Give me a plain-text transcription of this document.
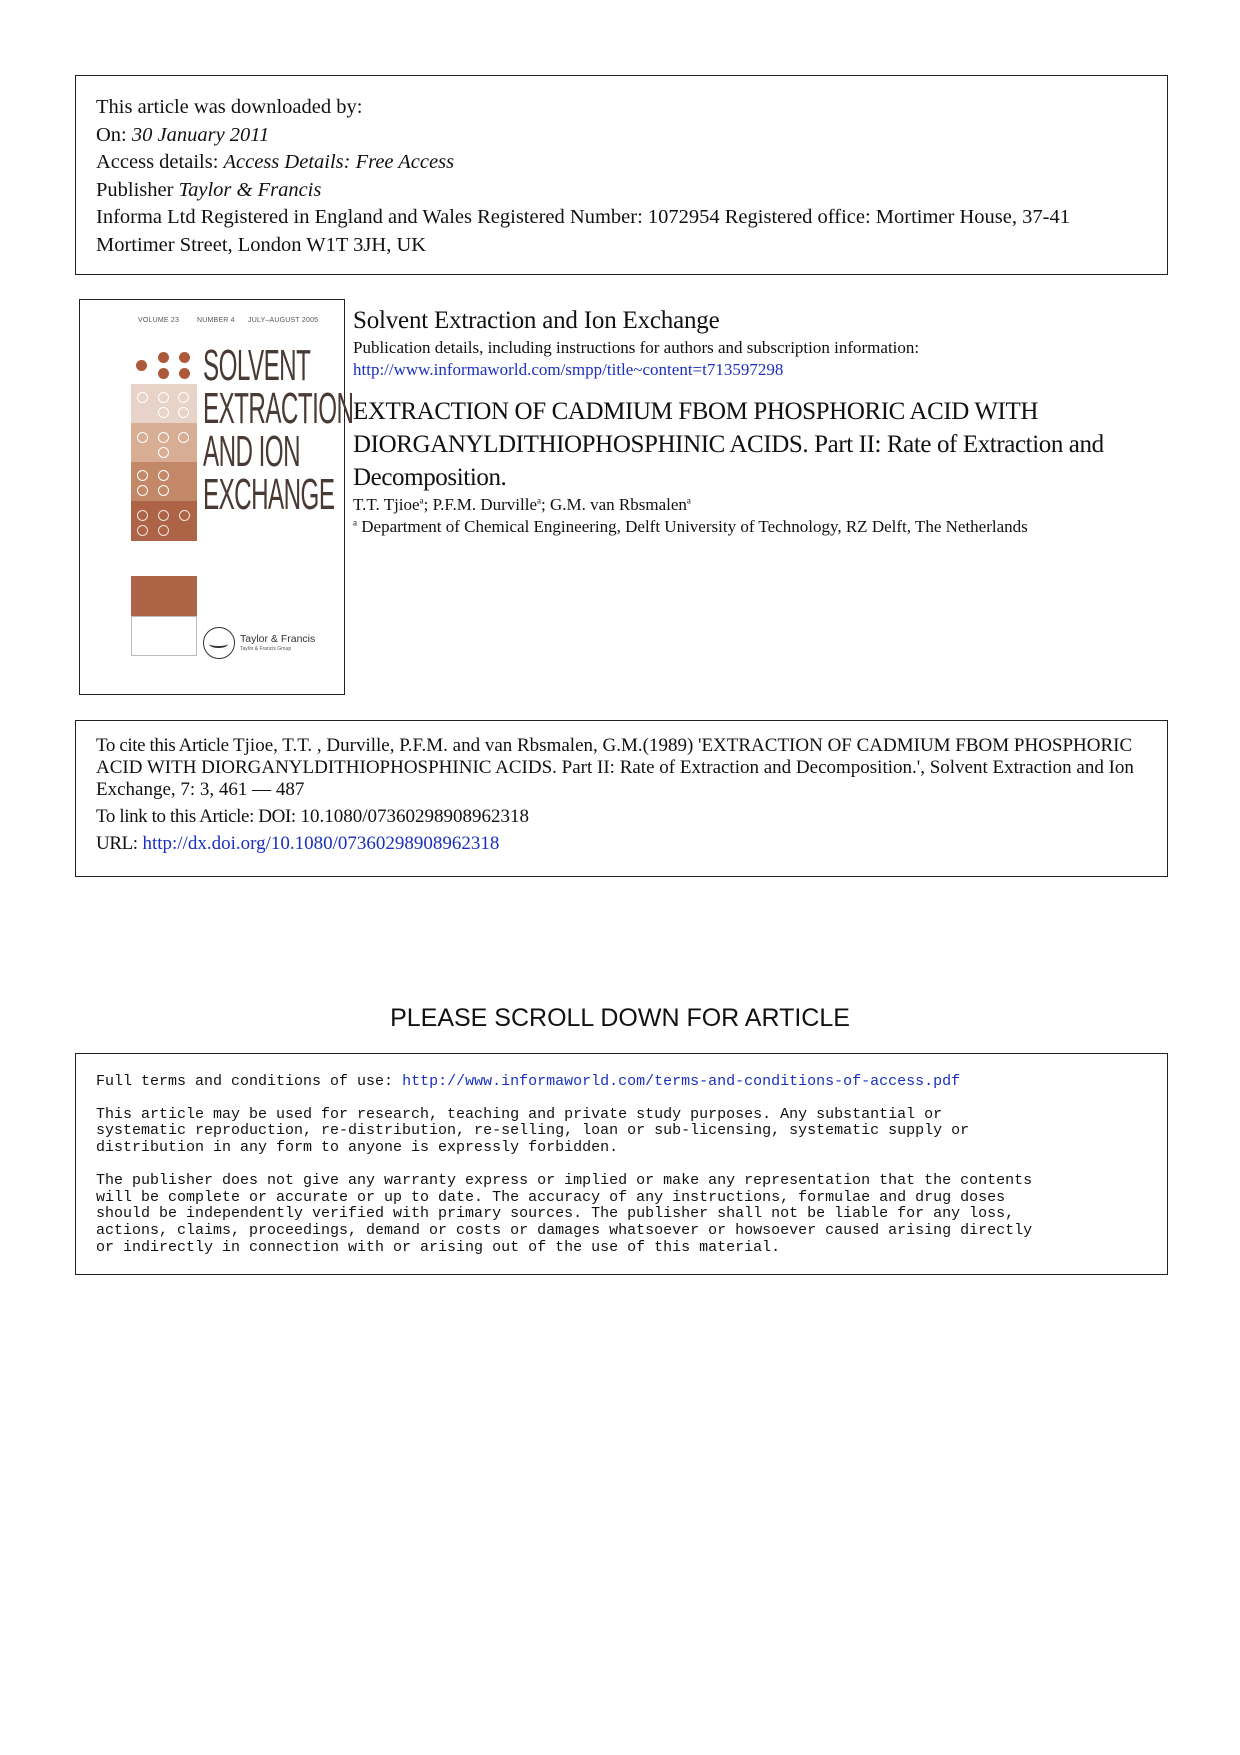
This article was downloaded by:
On: 30 January 2011
Access details: Access Details: Free Access
Publisher Taylor & Francis
Informa Ltd Registered in England and Wales Registered Number: 1072954 Registered office: Mortimer House, 37-41 Mortimer Street, London W1T 3JH, UK
VOLUME 23	NUMBER 4 JULY–AUGUST 2005
SOLVENT
EXTRACTION
AND ION
EXCHANGE
Taylor & Francis
Taylor & Francis Group
Solvent Extraction and Ion Exchange
Publication details, including instructions for authors and subscription information:
http://www.informaworld.com/smpp/title~content=t713597298
EXTRACTION OF CADMIUM FBOM PHOSPHORIC ACID WITH DIORGANYLDITHIOPHOSPHINIC ACIDS. Part II: Rate of Extraction and Decomposition.
T.T. Tjioe$^a$; P.F.M. Durville$^a$; G.M. van Rbsmalen$^a$
$^a$ Department of Chemical Engineering, Delft University of Technology, RZ Delft, The Netherlands
To cite this Article Tjioe, T.T. , Durville, P.F.M. and van Rbsmalen, G.M.(1989) 'EXTRACTION OF CADMIUM FBOM PHOSPHORIC ACID WITH DIORGANYLDITHIOPHOSPHINIC ACIDS. Part II: Rate of Extraction and Decomposition.', Solvent Extraction and Ion Exchange, 7: 3, 461 — 487
To link to this Article: DOI: 10.1080/07360298908962318
URL: http://dx.doi.org/10.1080/07360298908962318
PLEASE SCROLL DOWN FOR ARTICLE

Full terms and conditions of use: http://www.informaworld.com/terms-and-conditions-of-access.pdf

This article may be used for research, teaching and private study purposes. Any substantial or
systematic reproduction, re-distribution, re-selling, loan or sub-licensing, systematic supply or
distribution in any form to anyone is expressly forbidden.

The publisher does not give any warranty express or implied or make any representation that the contents
will be complete or accurate or up to date. The accuracy of any instructions, formulae and drug doses
should be independently verified with primary sources. The publisher shall not be liable for any loss,
actions, claims, proceedings, demand or costs or damages whatsoever or howsoever caused arising directly
or indirectly in connection with or arising out of the use of this material.
